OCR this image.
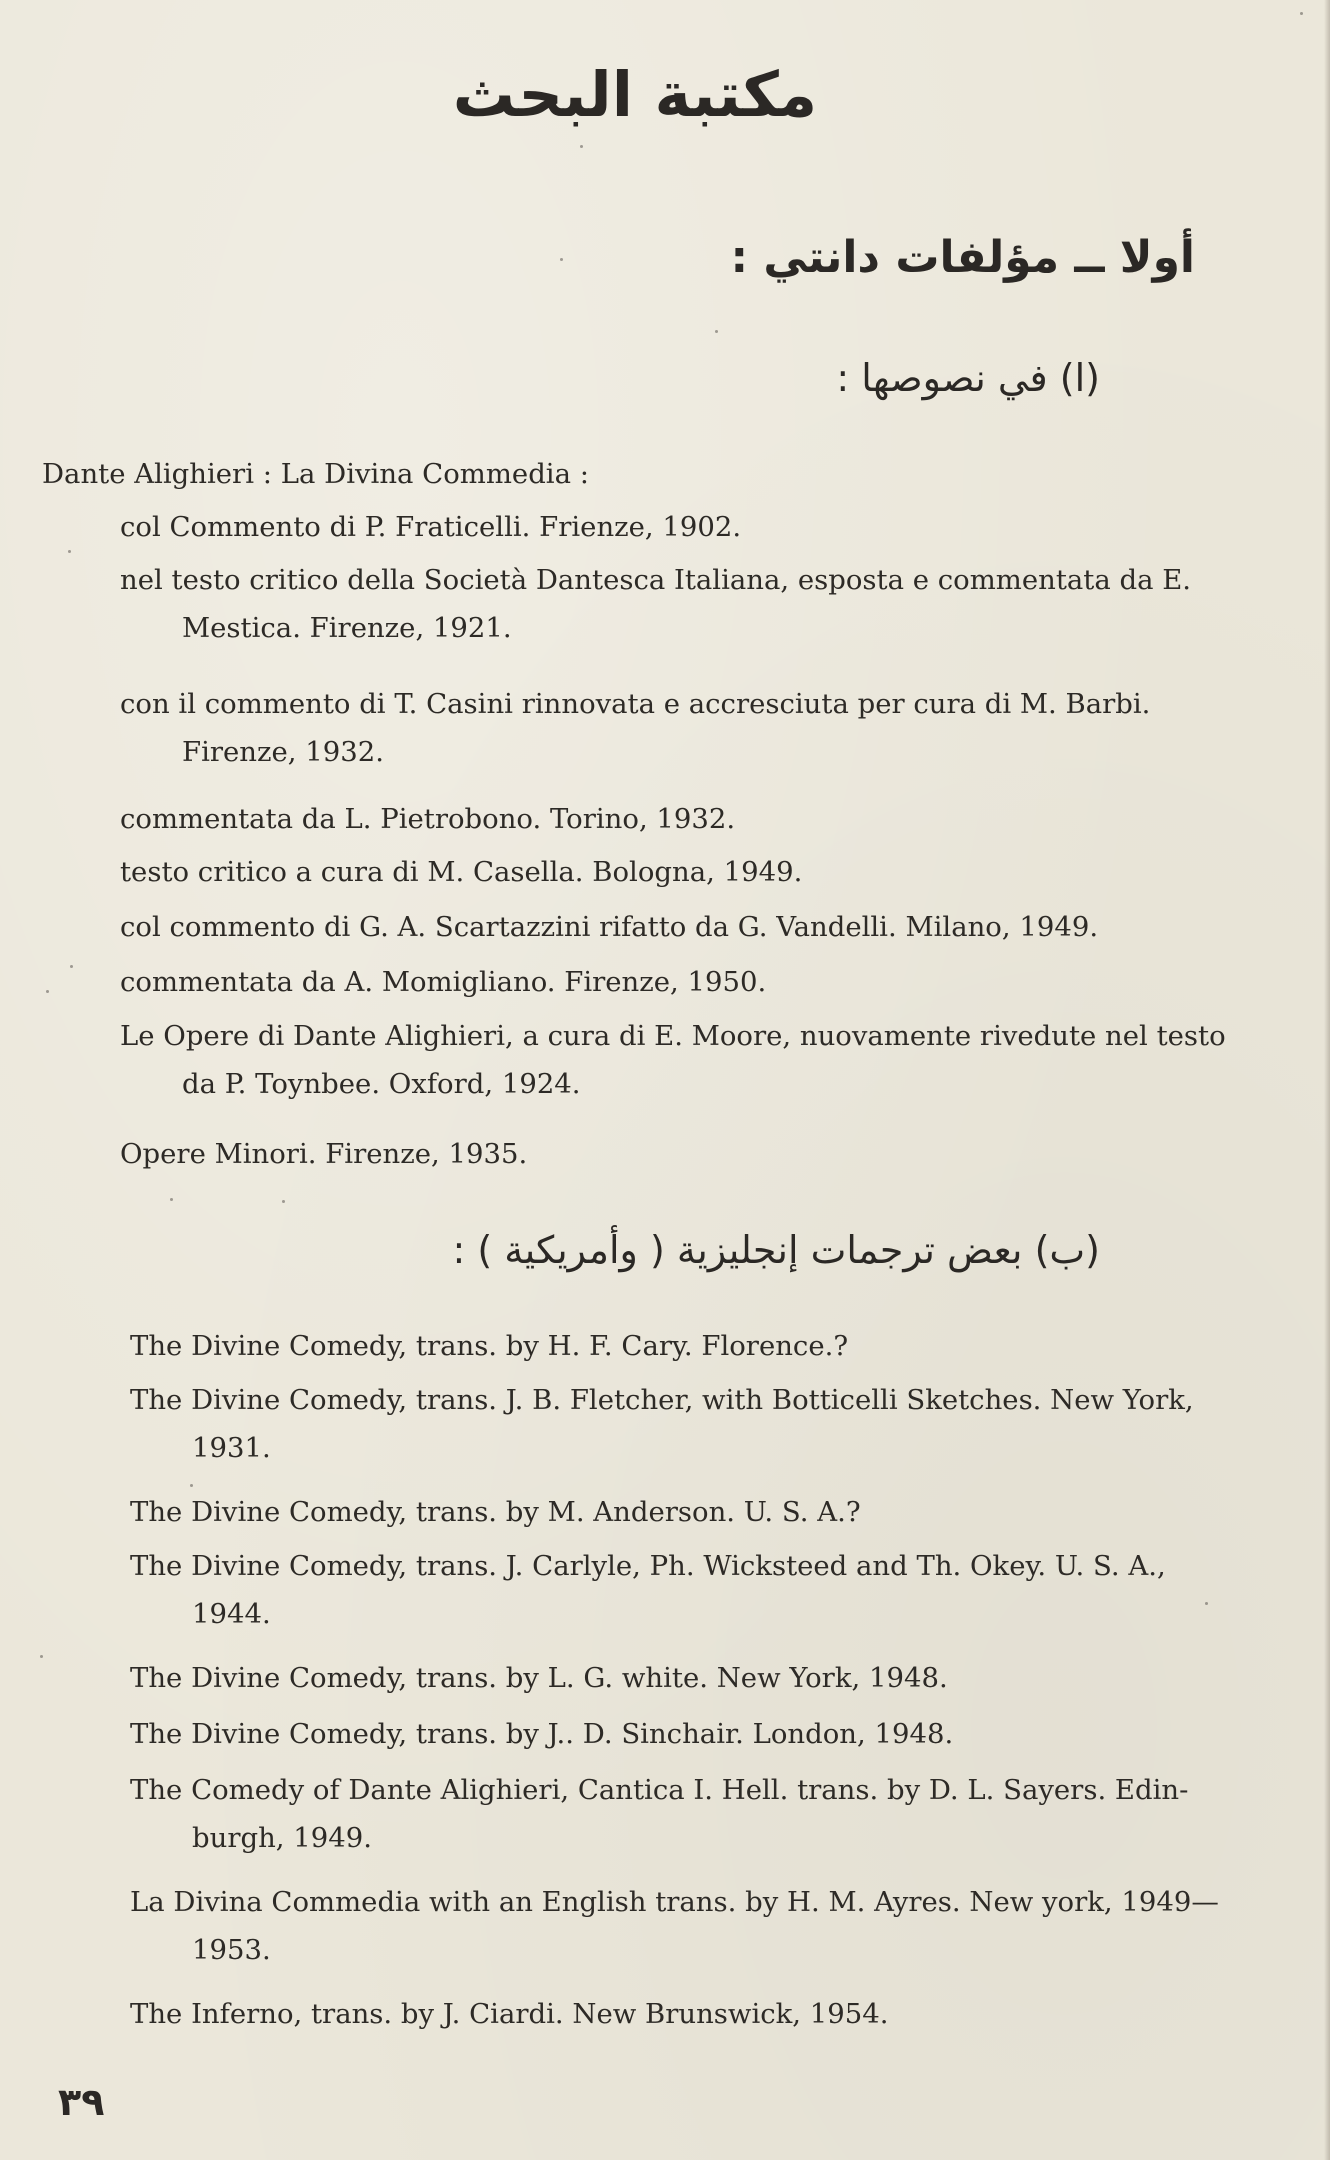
مكتبة البحث
أولا ــ مؤلفات دانتي :
(ا) في نصوصها :
Dante Alighieri : La Divina Commedia :
col Commento di P. Fraticelli. Frienze, 1902.
nel testo critico della Società Dantesca Italiana, esposta e commentata da E.
Mestica. Firenze, 1921.
con il commento di T. Casini rinnovata e accresciuta per cura di M. Barbi.
Firenze, 1932.
commentata da L. Pietrobono. Torino, 1932.
testo critico a cura di M. Casella. Bologna, 1949.
col commento di G. A. Scartazzini rifatto da G. Vandelli. Milano, 1949.
commentata da A. Momigliano. Firenze, 1950.
Le Opere di Dante Alighieri, a cura di E. Moore, nuovamente rivedute nel testo
da P. Toynbee. Oxford, 1924.
Opere Minori. Firenze, 1935.
(ب) بعض ترجمات إنجليزية ( وأمريكية ) :
The Divine Comedy, trans. by H. F. Cary. Florence.?
The Divine Comedy, trans. J. B. Fletcher, with Botticelli Sketches. New York,
1931.
The Divine Comedy, trans. by M. Anderson. U. S. A.?
The Divine Comedy, trans. J. Carlyle, Ph. Wicksteed and Th. Okey. U. S. A.,
1944.
The Divine Comedy, trans. by L. G. white. New York, 1948.
The Divine Comedy, trans. by J.. D. Sinchair. London, 1948.
The Comedy of Dante Alighieri, Cantica I. Hell. trans. by D. L. Sayers. Edin-
burgh, 1949.
La Divina Commedia with an English trans. by H. M. Ayres. New york, 1949—
1953.
The Inferno, trans. by J. Ciardi. New Brunswick, 1954.
٣٩
